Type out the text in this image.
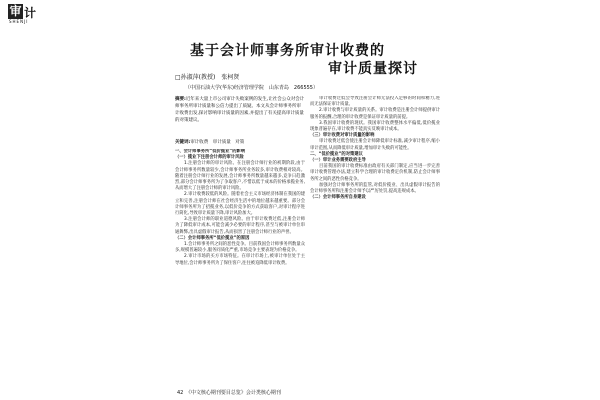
审 计
SHENJI
基于会计师事务所审计收费的
审计质量探讨
□孙淑萍(教授)　张柯贤
（中国石油大学(华东)经济管理学院　山东青岛　266555）
摘要:近年来大量上市公司审计失败案例的发生,让社会公众对会计师事务所审计质量和公信力提出了质疑。本文从会计师事务所审计收费出发,探讨影响审计质量的因素,并提出了有关提高审计质量的对策建议。
关键词:审计收费　审计质量　对策

一、会计师事务所“低价揽业”的影响

（一）揽业下注册会计师的审计风险

1.注册会计师的审计风险。在注册会计师行业的初期阶段,由于会计师事务所数量较少,会计师事务所业务较多,审计收费相对较高。随着注册会计师行业的发展,会计师事务所数量越来越多,竞争日趋激烈,部分会计师事务所为了争取客户,不惜以低于成本的价格承揽业务,从而增大了注册会计师的审计风险。

2.审计收费较低的风险。随着社会主义市场经济体制在我国的建立和完善,注册会计师在社会经济生活中的地位越来越重要。部分会计师事务所为了招揽业务,以低价竞争的方式获取客户,对审计程序进行简化,导致审计质量下降,审计风险加大。

3.注册会计师的职业道德风险。由于审计收费过低,注册会计师为了降低审计成本,可能会减少必要的审计程序,甚至与被审计单位串通舞弊,出具虚假审计报告,从而损害了注册会计师行业的声誉。

（二）会计师事务所“低价揽业”的原因

1.会计师事务所之间的恶性竞争。目前我国会计师事务所数量众多,规模普遍较小,服务同质化严重,市场竞争主要表现为价格竞争。

2.审计市场的买方市场特征。在审计市场上,被审计单位处于主导地位,会计师事务所为了保住客户,往往被迫降低审计收费。

审计收费过低会导致注册会计师无法投入足够的时间和精力,进而无法保证审计质量。

2.审计收费与审计质量的关系。审计收费是注册会计师提供审计服务的报酬,合理的审计收费是保证审计质量的前提。

3.我国审计收费的现状。我国审计收费整体水平偏低,低价揽业现象普遍存在,审计收费不能真实反映审计成本。

（三）审计收费对审计质量的影响

审计收费过低会使注册会计师降低审计标准,减少审计程序,缩小审计范围,从而降低审计质量,增加审计失败的可能性。

二、“低价揽业”的对策建议

（一）审计业务需要政府主导

目前我国的审计收费标准由政府有关部门制定,应当进一步完善审计收费管理办法,建立科学合理的审计收费定价机制,防止会计师事务所之间的恶性价格竞争。

加强对会计师事务所的监管,对低价揽业、出具虚假审计报告的会计师事务所和注册会计师予以严厉处罚,提高违规成本。

（二）会计师事务所自身建设

42　《中文核心期刊要目总览》会计类核心期刊
